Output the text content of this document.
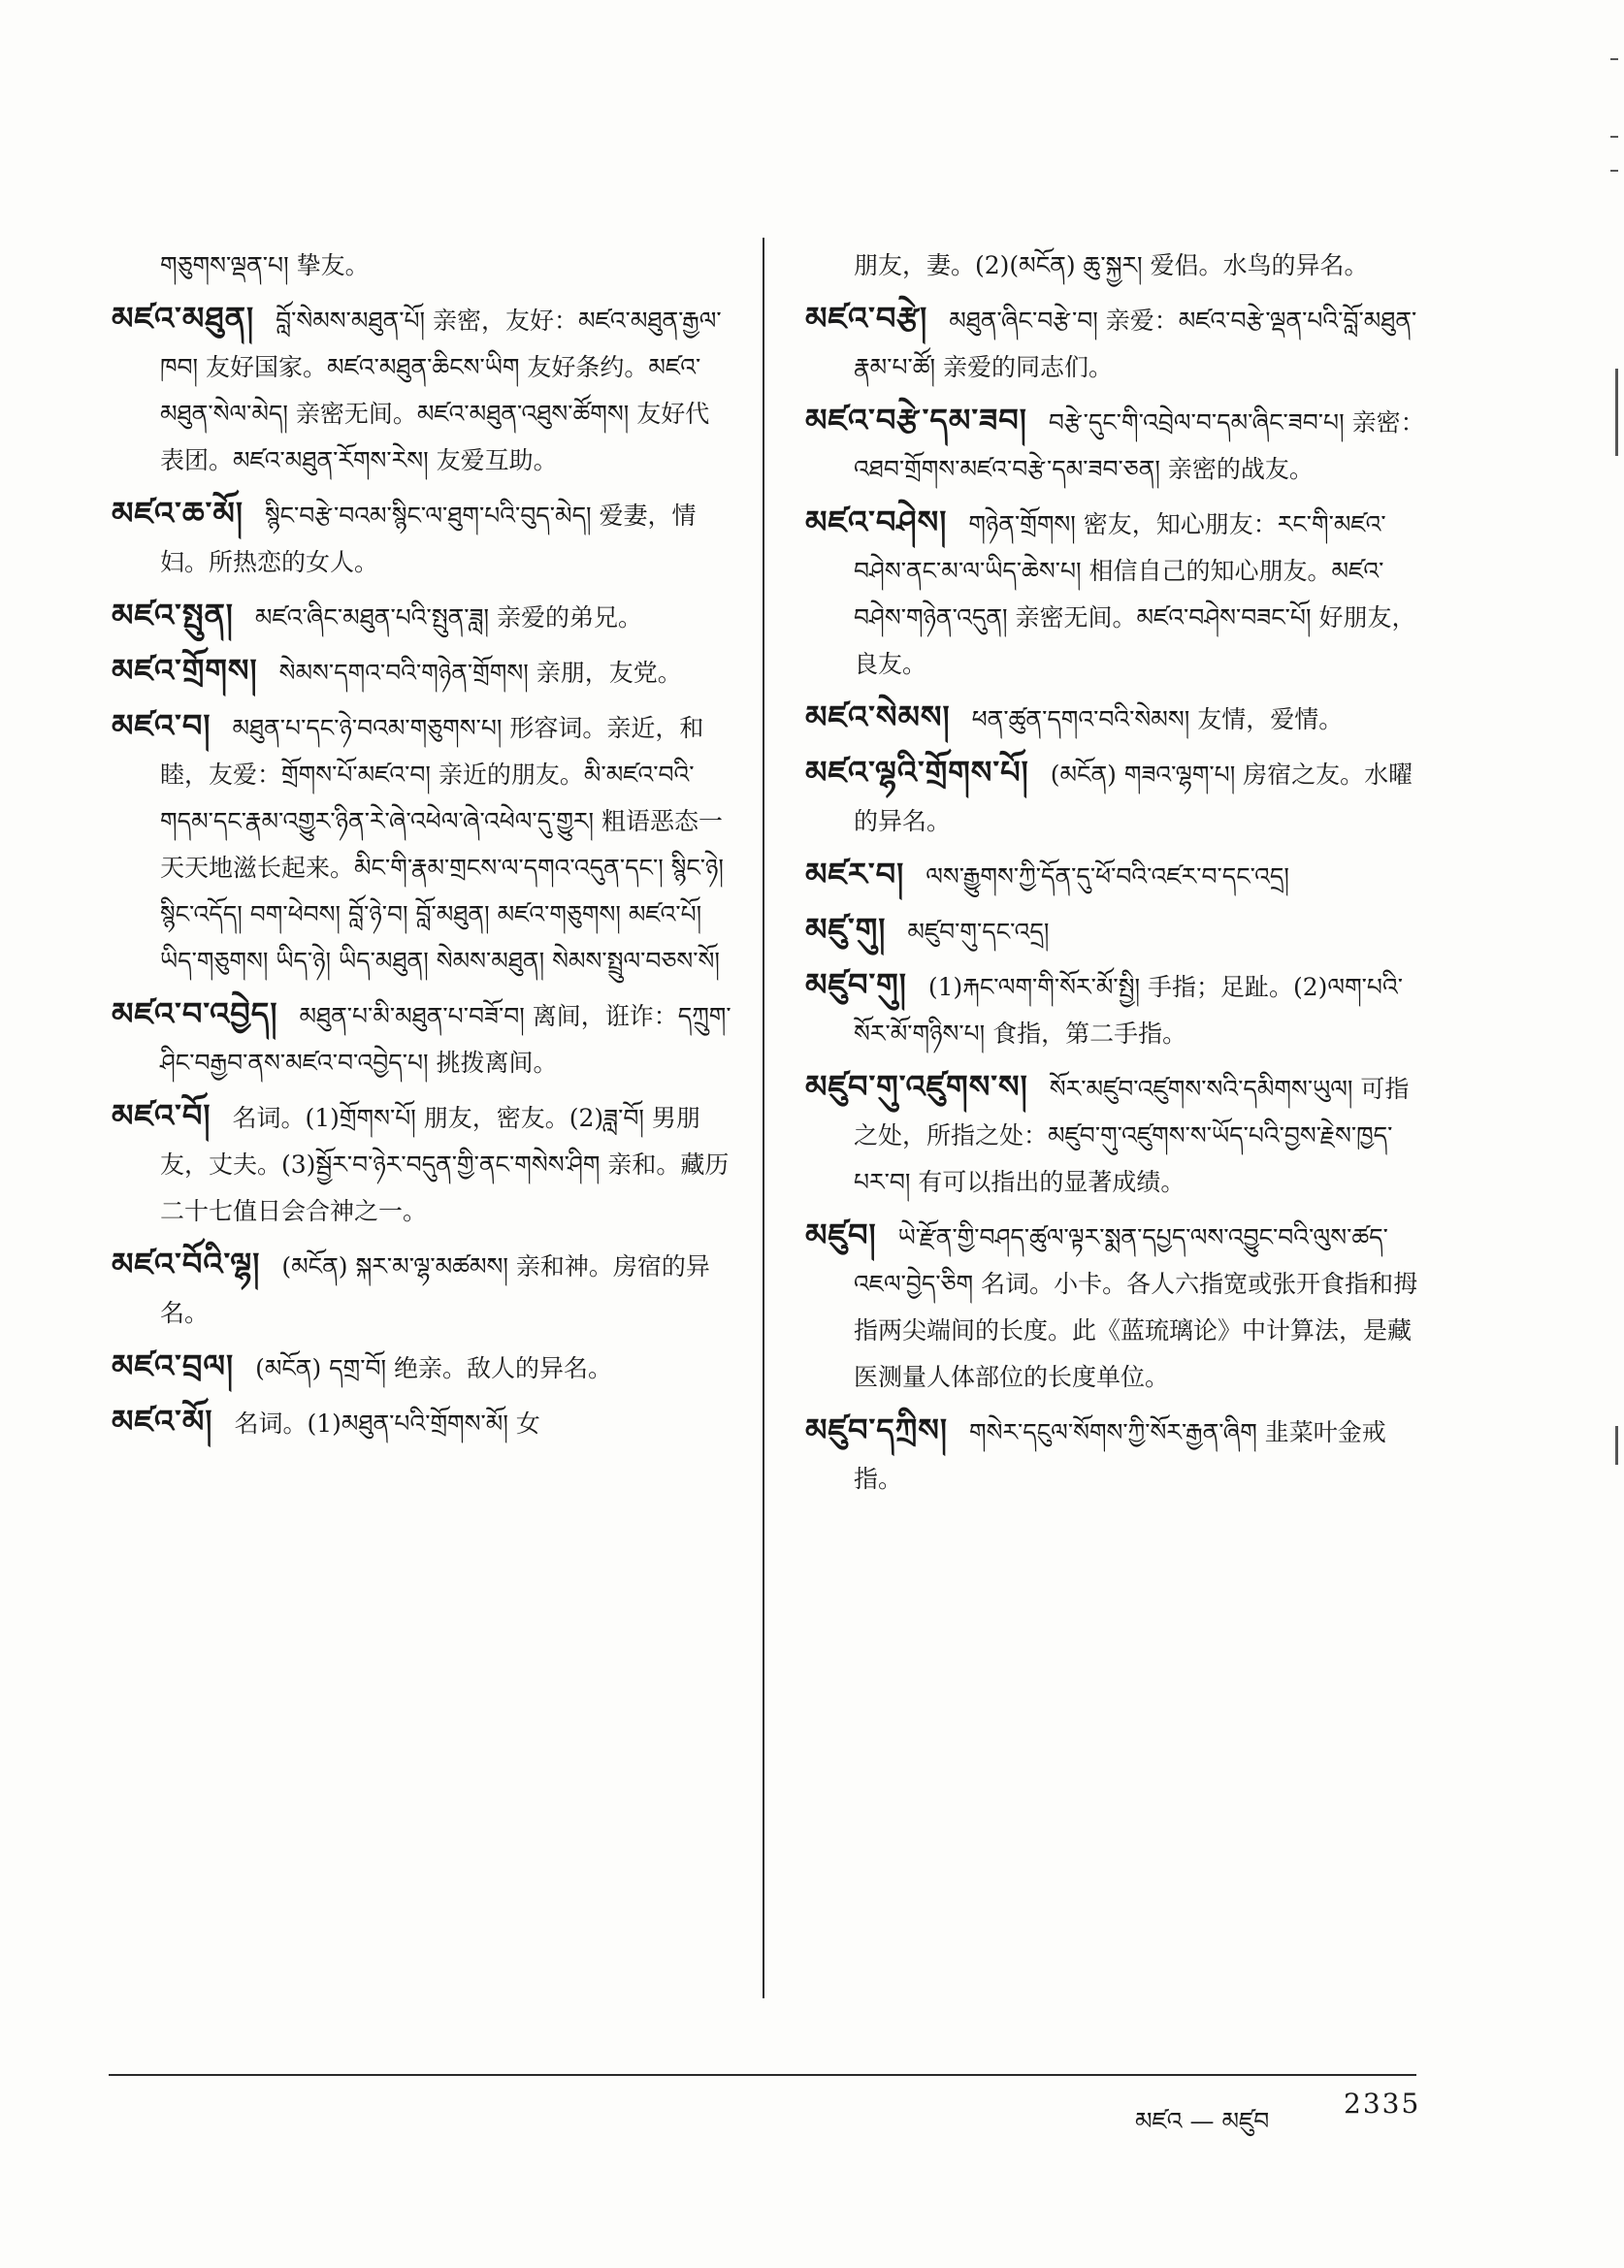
གཅུགས་ལྡན་པ། 挚友。
མཛའ་མཐུན། བློ་སེམས་མཐུན་པོ། 亲密，友好：མཛའ་མཐུན་རྒྱལ་ཁབ། 友好国家。མཛའ་མཐུན་ཆིངས་ཡིག 友好条约。མཛའ་མཐུན་སེལ་མེད། 亲密无间。མཛའ་མཐུན་འཐུས་ཚོགས། 友好代表团。མཛའ་མཐུན་རོགས་རེས། 友爱互助。
མཛའ་ཆ་མོ། སྙིང་བརྩེ་བའམ་སྙིང་ལ་ཐུག་པའི་བུད་མེད། 爱妻，情妇。所热恋的女人。
མཛའ་སྤུན། མཛའ་ཞིང་མཐུན་པའི་སྤུན་ཟླ། 亲爱的弟兄。
མཛའ་གྲོགས། སེམས་དགའ་བའི་གཉེན་གྲོགས། 亲朋，友党。
མཛའ་བ། མཐུན་པ་དང་ཉེ་བའམ་གཅུགས་པ། 形容词。亲近，和睦，友爱：གྲོགས་པོ་མཛའ་བ། 亲近的朋友。མི་མཛའ་བའི་གདམ་དང་རྣམ་འགྱུར་ཉིན་རེ་ཞེ་འཕེལ་ཞེ་འཕེལ་དུ་གྱུར། 粗语恶态一天天地滋长起来。མིང་གི་རྣམ་གྲངས་ལ་དགའ་འདུན་དང་། སྙིང་ཉེ། སྙིང་འདོད། བག་ཕེབས། བློ་ཉེ་བ། བློ་མཐུན། མཛའ་གཅུགས། མཛའ་པོ། ཡིད་གཅུགས། ཡིད་ཉེ། ཡིད་མཐུན། སེམས་མཐུན། སེམས་སྤྲུལ་བཅས་སོ།
མཛའ་བ་འབྱེད། མཐུན་པ་མི་མཐུན་པ་བཟོ་བ། 离间，诳诈：དཀྲུག་ཤིང་བརྒྱབ་ནས་མཛའ་བ་འབྱེད་པ། 挑拨离间。
མཛའ་བོ། 名词。(1)གྲོགས་པོ། 朋友，密友。(2)ཟླ་བོ། 男朋友，丈夫。(3)སྦྱོར་བ་ཉེར་བདུན་གྱི་ནང་གསེས་ཤིག 亲和。藏历二十七值日会合神之一。
མཛའ་བོའི་ལྷ། (མངོན) སྐར་མ་ལྷ་མཚམས། 亲和神。房宿的异名。
མཛའ་བྲལ། (མངོན) དགྲ་བོ། 绝亲。敌人的异名。
མཛའ་མོ། 名词。(1)མཐུན་པའི་གྲོགས་མོ། 女
朋友，妻。(2)(མངོན) ཆུ་སྐྱར། 爱侣。水鸟的异名。
མཛའ་བརྩེ། མཐུན་ཞིང་བརྩེ་བ། 亲爱：མཛའ་བརྩེ་ལྡན་པའི་བློ་མཐུན་རྣམ་པ་ཚོ། 亲爱的同志们。
མཛའ་བརྩེ་དམ་ཟབ། བརྩེ་དུང་གི་འབྲེལ་བ་དམ་ཞིང་ཟབ་པ། 亲密：འཐབ་གྲོགས་མཛའ་བརྩེ་དམ་ཟབ་ཅན། 亲密的战友。
མཛའ་བཤེས། གཉེན་གྲོགས། 密友，知心朋友：རང་གི་མཛའ་བཤེས་ནང་མ་ལ་ཡིད་ཆེས་པ། 相信自己的知心朋友。མཛའ་བཤེས་གཉེན་འདུན། 亲密无间。མཛའ་བཤེས་བཟང་པོ། 好朋友，良友。
མཛའ་སེམས། ཕན་ཚུན་དགའ་བའི་སེམས། 友情，爱情。
མཛའ་ལྷའི་གྲོགས་པོ། (མངོན) གཟའ་ལྷག་པ། 房宿之友。水曜的异名。
མཛར་བ། ལས་རྒྱུགས་ཀྱི་དོན་དུ་ཕོ་བའི་འཛར་བ་དང་འདྲ།
མཛུ་གུ། མཛུབ་གུ་དང་འདྲ།
མཛུབ་གུ། (1)རྐང་ལག་གི་སོར་མོ་སྤྱི། 手指；足趾。(2)ལག་པའི་སོར་མོ་གཉིས་པ། 食指，第二手指。
མཛུབ་གུ་འཛུགས་ས། སོར་མཛུབ་འཛུགས་སའི་དམིགས་ཡུལ། 可指之处，所指之处：མཛུབ་གུ་འཛུགས་ས་ཡོད་པའི་བྱས་རྗེས་ཁྱད་པར་བ། 有可以指出的显著成绩。
མཛུབ། ཡེ་རྫོན་གྱི་བཤད་ཚུལ་ལྟར་སྨན་དཔྱད་ལས་འབྱུང་བའི་ལུས་ཚད་འཇལ་བྱེད་ཅིག 名词。小卡。各人六指宽或张开食指和拇指两尖端间的长度。此《蓝琉璃论》中计算法，是藏医测量人体部位的长度单位。
མཛུབ་དཀྲིས། གསེར་དངུལ་སོགས་ཀྱི་སོར་རྒྱན་ཞིག 韭菜叶金戒指。
མཛའ — མཛུབ
2335
